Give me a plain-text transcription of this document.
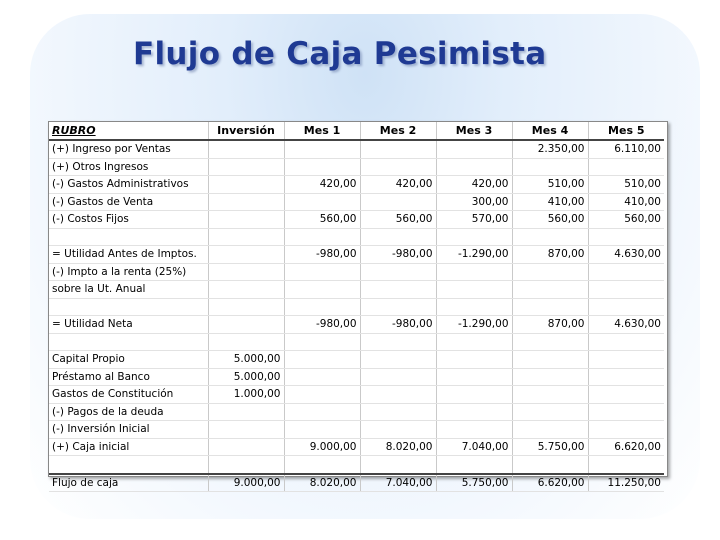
Flujo de Caja Pesimista
RUBRO	Inversión	Mes 1	Mes 2	Mes 3	Mes 4	Mes 5
(+) Ingreso por Ventas					2.350,00	6.110,00
(+) Otros Ingresos						
(-) Gastos Administrativos		420,00	420,00	420,00	510,00	510,00
(-) Gastos de Venta				300,00	410,00	410,00
(-) Costos Fijos		560,00	560,00	570,00	560,00	560,00

= Utilidad Antes de Imptos.		-980,00	-980,00	-1.290,00	870,00	4.630,00
(-) Impto a la renta (25%)						
sobre la Ut. Anual						

= Utilidad Neta		-980,00	-980,00	-1.290,00	870,00	4.630,00

Capital Propio	5.000,00					
Préstamo al Banco	5.000,00					
Gastos de Constitución	1.000,00					
(-) Pagos de la deuda						
(-) Inversión Inicial						
(+) Caja inicial		9.000,00	8.020,00	7.040,00	5.750,00	6.620,00

Flujo de caja	9.000,00	8.020,00	7.040,00	5.750,00	6.620,00	11.250,00
